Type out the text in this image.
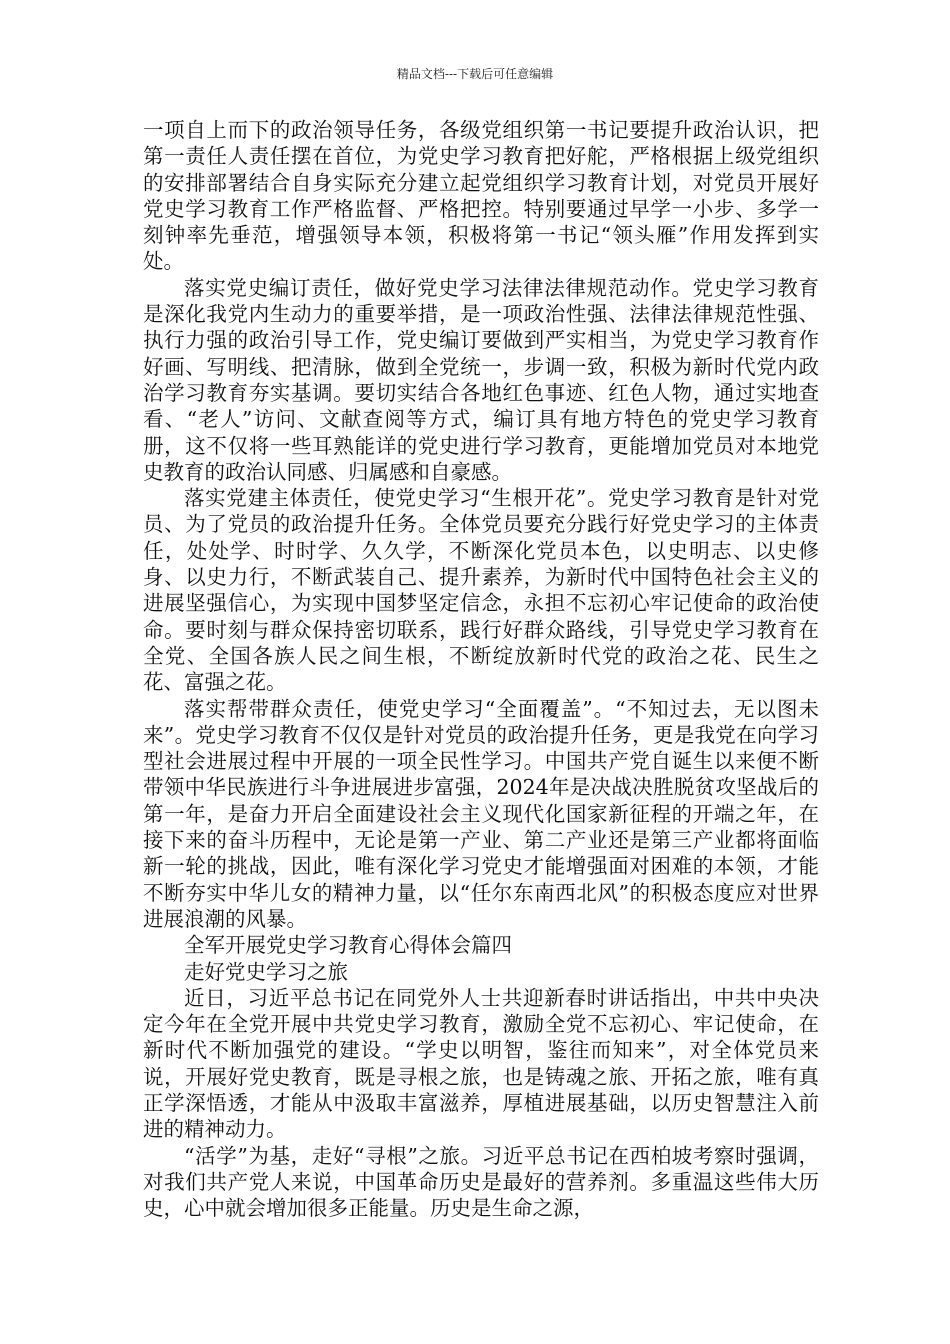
精品文档---下载后可任意编辑

一项自上而下的政治领导任务，各级党组织第一书记要提升政治认识，把第一责任人责任摆在首位，为党史学习教育把好舵，严格根据上级党组织的安排部署结合自身实际充分建立起党组织学习教育计划，对党员开展好党史学习教育工作严格监督、严格把控。特别要通过早学一小步、多学一刻钟率先垂范，增强领导本领，积极将第一书记“领头雁”作用发挥到实处。

落实党史编订责任，做好党史学习法律法律规范动作。党史学习教育是深化我党内生动力的重要举措，是一项政治性强、法律法律规范性强、执行力强的政治引导工作，党史编订要做到严实相当，为党史学习教育作好画、写明线、把清脉，做到全党统一，步调一致，积极为新时代党内政治学习教育夯实基调。要切实结合各地红色事迹、红色人物，通过实地查看、“老人”访问、文献查阅等方式，编订具有地方特色的党史学习教育册，这不仅将一些耳熟能详的党史进行学习教育，更能增加党员对本地党史教育的政治认同感、归属感和自豪感。

落实党建主体责任，使党史学习“生根开花”。党史学习教育是针对党员、为了党员的政治提升任务。全体党员要充分践行好党史学习的主体责任，处处学、时时学、久久学，不断深化党员本色，以史明志、以史修身、以史力行，不断武装自己、提升素养，为新时代中国特色社会主义的进展坚强信心，为实现中国梦坚定信念，永担不忘初心牢记使命的政治使命。要时刻与群众保持密切联系，践行好群众路线，引导党史学习教育在全党、全国各族人民之间生根，不断绽放新时代党的政治之花、民生之花、富强之花。

落实帮带群众责任，使党史学习“全面覆盖”。“不知过去，无以图未来”。党史学习教育不仅仅是针对党员的政治提升任务，更是我党在向学习型社会进展过程中开展的一项全民性学习。中国共产党自诞生以来便不断带领中华民族进行斗争进展进步富强，2024年是决战决胜脱贫攻坚战后的第一年，是奋力开启全面建设社会主义现代化国家新征程的开端之年，在接下来的奋斗历程中，无论是第一产业、第二产业还是第三产业都将面临新一轮的挑战，因此，唯有深化学习党史才能增强面对困难的本领，才能不断夯实中华儿女的精神力量，以“任尔东南西北风”的积极态度应对世界进展浪潮的风暴。

全军开展党史学习教育心得体会篇四

走好党史学习之旅

近日，习近平总书记在同党外人士共迎新春时讲话指出，中共中央决定今年在全党开展中共党史学习教育，激励全党不忘初心、牢记使命，在新时代不断加强党的建设。“学史以明智，鉴往而知来”，对全体党员来说，开展好党史教育，既是寻根之旅，也是铸魂之旅、开拓之旅，唯有真正学深悟透，才能从中汲取丰富滋养，厚植进展基础，以历史智慧注入前进的精神动力。

“活学”为基，走好“寻根”之旅。习近平总书记在西柏坡考察时强调，对我们共产党人来说，中国革命历史是最好的营养剂。多重温这些伟大历史，心中就会增加很多正能量。历史是生命之源，
